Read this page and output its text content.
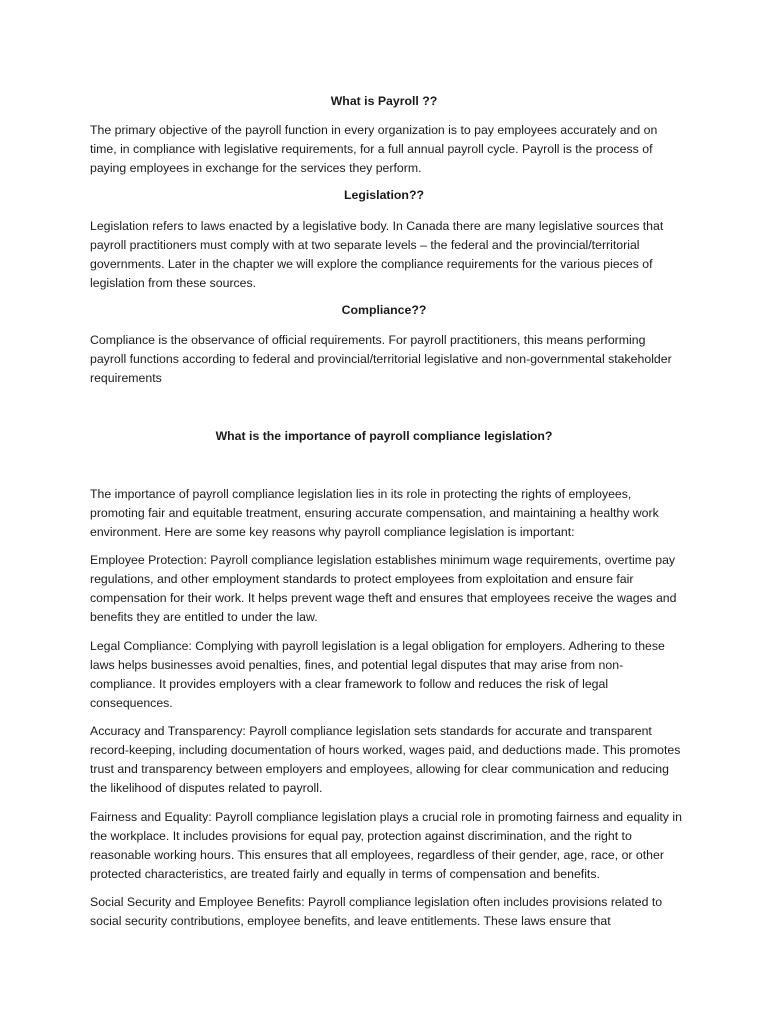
What is Payroll ??

The primary objective of the payroll function in every organization is to pay employees accurately and on time, in compliance with legislative requirements, for a full annual payroll cycle. Payroll is the process of paying employees in exchange for the services they perform.

Legislation??

Legislation refers to laws enacted by a legislative body. In Canada there are many legislative sources that payroll practitioners must comply with at two separate levels – the federal and the provincial/territorial governments. Later in the chapter we will explore the compliance requirements for the various pieces of legislation from these sources.

Compliance??

Compliance is the observance of official requirements. For payroll practitioners, this means performing payroll functions according to federal and provincial/territorial legislative and non-governmental stakeholder requirements

What is the importance of payroll compliance legislation?

The importance of payroll compliance legislation lies in its role in protecting the rights of employees, promoting fair and equitable treatment, ensuring accurate compensation, and maintaining a healthy work environment. Here are some key reasons why payroll compliance legislation is important:

Employee Protection: Payroll compliance legislation establishes minimum wage requirements, overtime pay regulations, and other employment standards to protect employees from exploitation and ensure fair compensation for their work. It helps prevent wage theft and ensures that employees receive the wages and benefits they are entitled to under the law.

Legal Compliance: Complying with payroll legislation is a legal obligation for employers. Adhering to these laws helps businesses avoid penalties, fines, and potential legal disputes that may arise from non-compliance. It provides employers with a clear framework to follow and reduces the risk of legal consequences.

Accuracy and Transparency: Payroll compliance legislation sets standards for accurate and transparent record-keeping, including documentation of hours worked, wages paid, and deductions made. This promotes trust and transparency between employers and employees, allowing for clear communication and reducing the likelihood of disputes related to payroll.

Fairness and Equality: Payroll compliance legislation plays a crucial role in promoting fairness and equality in the workplace. It includes provisions for equal pay, protection against discrimination, and the right to reasonable working hours. This ensures that all employees, regardless of their gender, age, race, or other protected characteristics, are treated fairly and equally in terms of compensation and benefits.

Social Security and Employee Benefits: Payroll compliance legislation often includes provisions related to social security contributions, employee benefits, and leave entitlements. These laws ensure that
